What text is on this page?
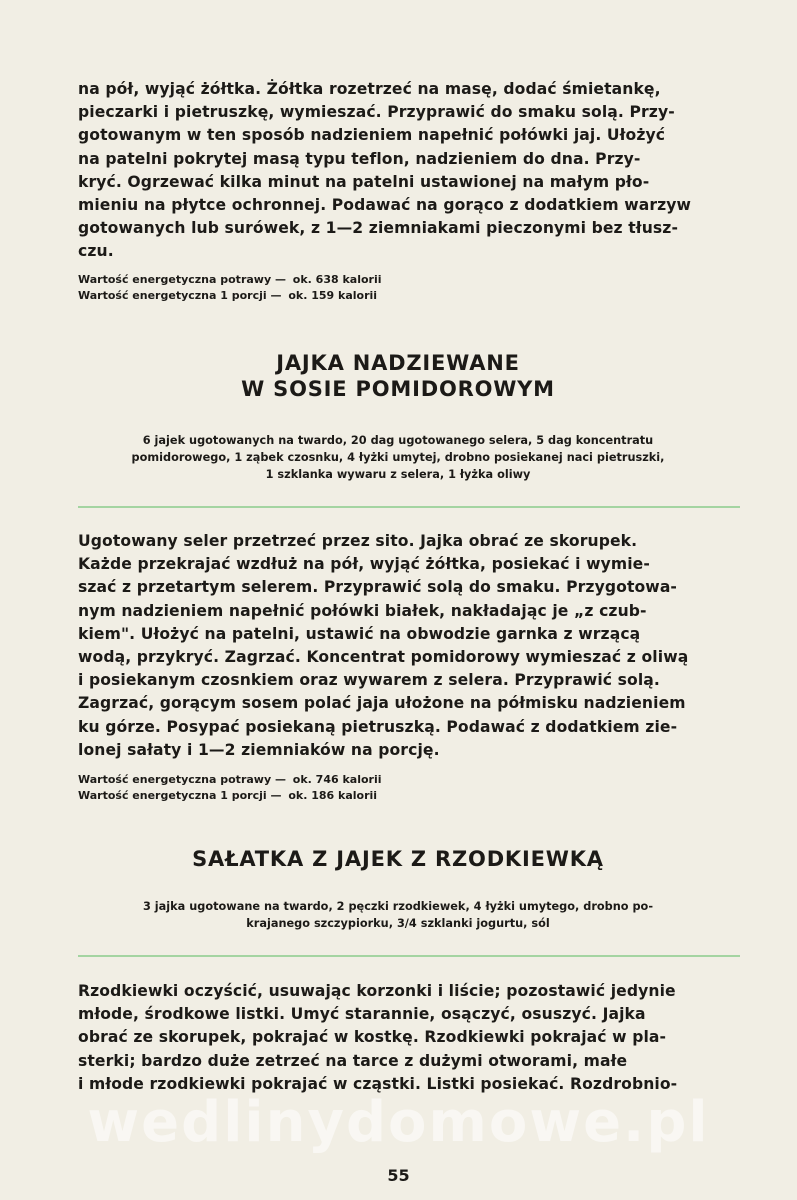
na pół, wyjąć żółtka. Żółtka rozetrzeć na masę, dodać śmietankę,
pieczarki i pietruszkę, wymieszać. Przyprawić do smaku solą. Przy-
gotowanym w ten sposób nadzieniem napełnić połówki jaj. Ułożyć
na patelni pokrytej masą typu teflon, nadzieniem do dna. Przy-
kryć. Ogrzewać kilka minut na patelni ustawionej na małym pło-
mieniu na płytce ochronnej. Podawać na gorąco z dodatkiem warzyw
gotowanych lub surówek, z 1—2 ziemniakami pieczonymi bez tłusz-
czu.
Wartość energetyczna potrawy — ok. 638 kalorii
Wartość energetyczna 1 porcji — ok. 159 kalorii
JAJKA NADZIEWANE
W SOSIE POMIDOROWYM
6 jajek ugotowanych na twardo, 20 dag ugotowanego selera, 5 dag koncentratu
pomidorowego, 1 ząbek czosnku, 4 łyżki umytej, drobno posiekanej naci pietruszki,
1 szklanka wywaru z selera, 1 łyżka oliwy
Ugotowany seler przetrzeć przez sito. Jajka obrać ze skorupek.
Każde przekrajać wzdłuż na pół, wyjąć żółtka, posiekać i wymie-
szać z przetartym selerem. Przyprawić solą do smaku. Przygotowa-
nym nadzieniem napełnić połówki białek, nakładając je „z czub-
kiem". Ułożyć na patelni, ustawić na obwodzie garnka z wrzącą
wodą, przykryć. Zagrzać. Koncentrat pomidorowy wymieszać z oliwą
i posiekanym czosnkiem oraz wywarem z selera. Przyprawić solą.
Zagrzać, gorącym sosem polać jaja ułożone na półmisku nadzieniem
ku górze. Posypać posiekaną pietruszką. Podawać z dodatkiem zie-
lonej sałaty i 1—2 ziemniaków na porcję.
Wartość energetyczna potrawy — ok. 746 kalorii
Wartość energetyczna 1 porcji — ok. 186 kalorii
SAŁATKA Z JAJEK Z RZODKIEWKĄ
3 jajka ugotowane na twardo, 2 pęczki rzodkiewek, 4 łyżki umytego, drobno po-
krajanego szczypiorku, 3/4 szklanki jogurtu, sól
Rzodkiewki oczyścić, usuwając korzonki i liście; pozostawić jedynie
młode, środkowe listki. Umyć starannie, osączyć, osuszyć. Jajka
obrać ze skorupek, pokrajać w kostkę. Rzodkiewki pokrajać w pla-
sterki; bardzo duże zetrzeć na tarce z dużymi otworami, małe
i młode rzodkiewki pokrajać w cząstki. Listki posiekać. Rozdrobnio-
wedlinydomowe.pl
55
